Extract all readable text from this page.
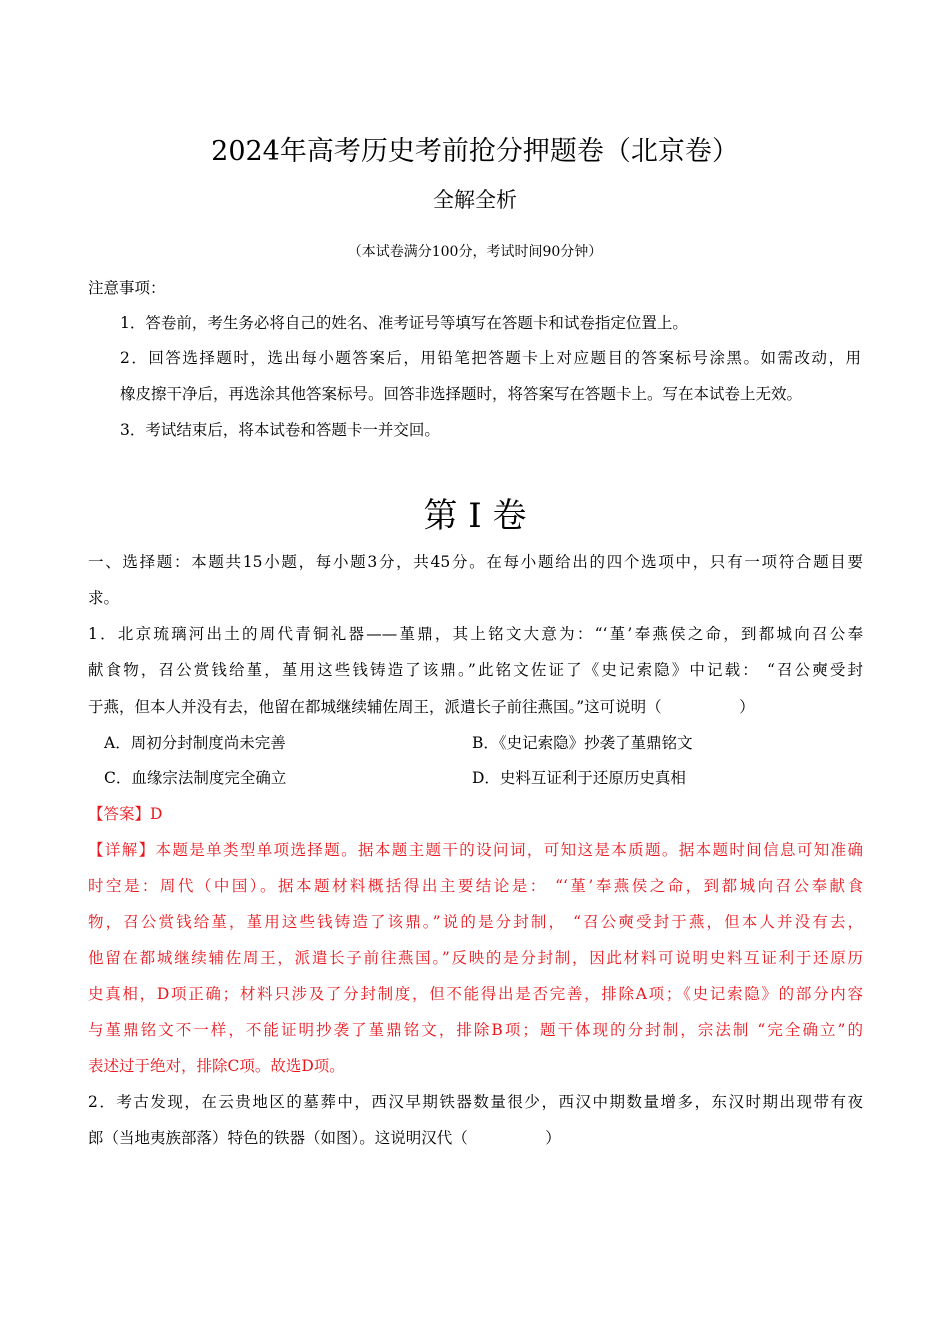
2024年高考历史考前抢分押题卷（北京卷）
全解全析
（本试卷满分100分，考试时间90分钟）
注意事项：
1．答卷前，考生务必将自己的姓名、准考证号等填写在答题卡和试卷指定位置上。
2．回答选择题时，选出每小题答案后，用铅笔把答题卡上对应题目的答案标号涂黑。如需改动，用
橡皮擦干净后，再选涂其他答案标号。回答非选择题时，将答案写在答题卡上。写在本试卷上无效。
3．考试结束后，将本试卷和答题卡一并交回。
第 I 卷
一、选择题：本题共15小题，每小题3分，共45分。在每小题给出的四个选项中，只有一项符合题目要
求。
1．北京琉璃河出土的周代青铜礼器——堇鼎，其上铭文大意为：“‘堇’奉燕侯之命，到都城向召公奉
献食物，召公赏钱给堇，堇用这些钱铸造了该鼎。”此铭文佐证了《史记索隐》中记载： “召公奭受封
于燕，但本人并没有去，他留在都城继续辅佐周王，派遣长子前往燕国。”这可说明（　　　　　）
A．周初分封制度尚未完善	B．《史记索隐》抄袭了堇鼎铭文
C．血缘宗法制度完全确立	D．史料互证利于还原历史真相
【答案】D
【详解】本题是单类型单项选择题。据本题主题干的设问词，可知这是本质题。据本题时间信息可知准确
时空是：周代（中国）。据本题材料概括得出主要结论是： “‘堇’奉燕侯之命，到都城向召公奉献食
物，召公赏钱给堇，堇用这些钱铸造了该鼎。”说的是分封制， “召公奭受封于燕，但本人并没有去，
他留在都城继续辅佐周王，派遣长子前往燕国。”反映的是分封制，因此材料可说明史料互证利于还原历
史真相，D项正确；材料只涉及了分封制度，但不能得出是否完善，排除A项；《史记索隐》的部分内容
与堇鼎铭文不一样，不能证明抄袭了堇鼎铭文，排除B项；题干体现的分封制，宗法制 “完全确立”的
表述过于绝对，排除C项。故选D项。
2．考古发现，在云贵地区的墓葬中，西汉早期铁器数量很少，西汉中期数量增多，东汉时期出现带有夜
郎（当地夷族部落）特色的铁器（如图）。这说明汉代（　　　　　）
